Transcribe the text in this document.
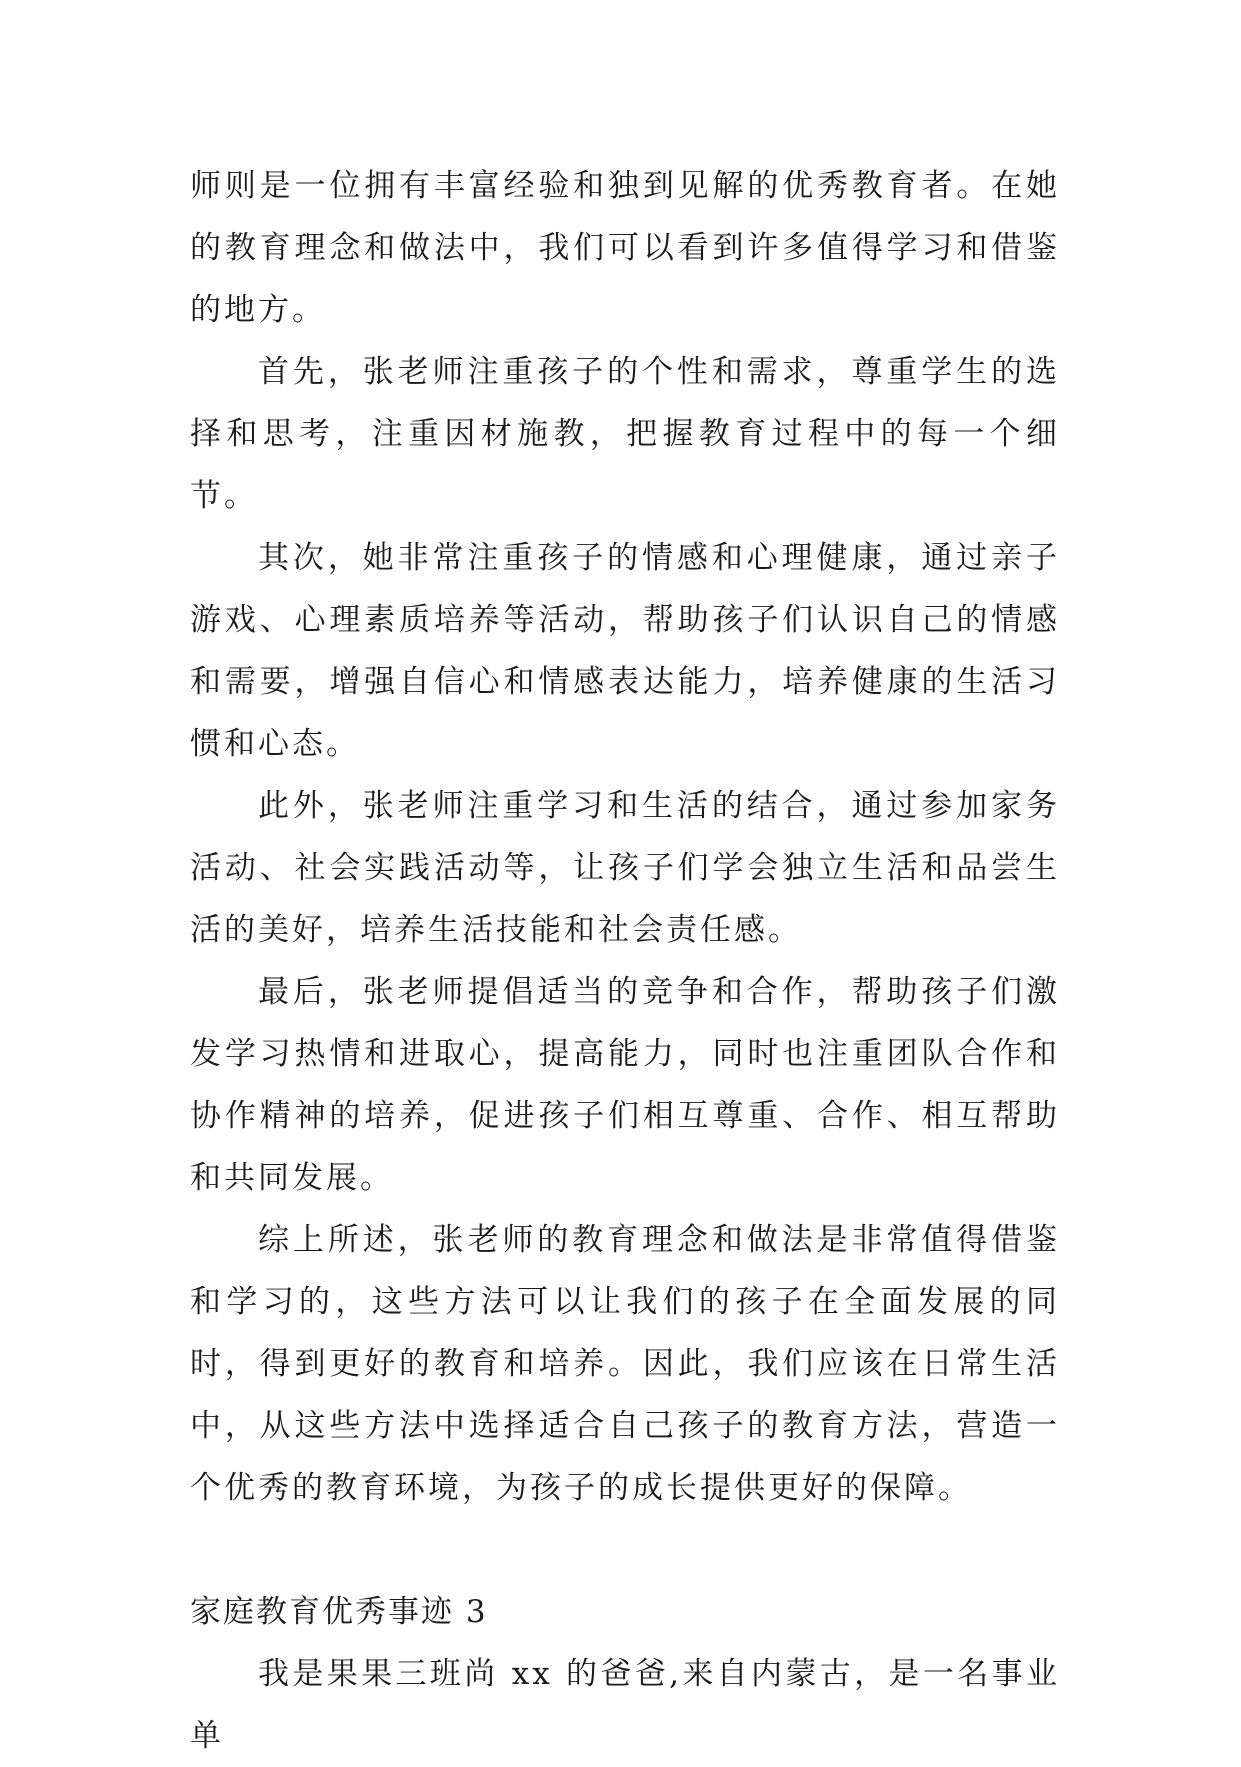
师则是一位拥有丰富经验和独到见解的优秀教育者。在她的教育理念和做法中，我们可以看到许多值得学习和借鉴的地方。

首先，张老师注重孩子的个性和需求，尊重学生的选择和思考，注重因材施教，把握教育过程中的每一个细节。

其次，她非常注重孩子的情感和心理健康，通过亲子游戏、心理素质培养等活动，帮助孩子们认识自己的情感和需要，增强自信心和情感表达能力，培养健康的生活习惯和心态。

此外，张老师注重学习和生活的结合，通过参加家务活动、社会实践活动等，让孩子们学会独立生活和品尝生活的美好，培养生活技能和社会责任感。

最后，张老师提倡适当的竞争和合作，帮助孩子们激发学习热情和进取心，提高能力，同时也注重团队合作和协作精神的培养，促进孩子们相互尊重、合作、相互帮助和共同发展。

综上所述，张老师的教育理念和做法是非常值得借鉴和学习的，这些方法可以让我们的孩子在全面发展的同时，得到更好的教育和培养。因此，我们应该在日常生活中，从这些方法中选择适合自己孩子的教育方法，营造一个优秀的教育环境，为孩子的成长提供更好的保障。

家庭教育优秀事迹 3

我是果果三班尚 xx 的爸爸,来自内蒙古，是一名事业单
